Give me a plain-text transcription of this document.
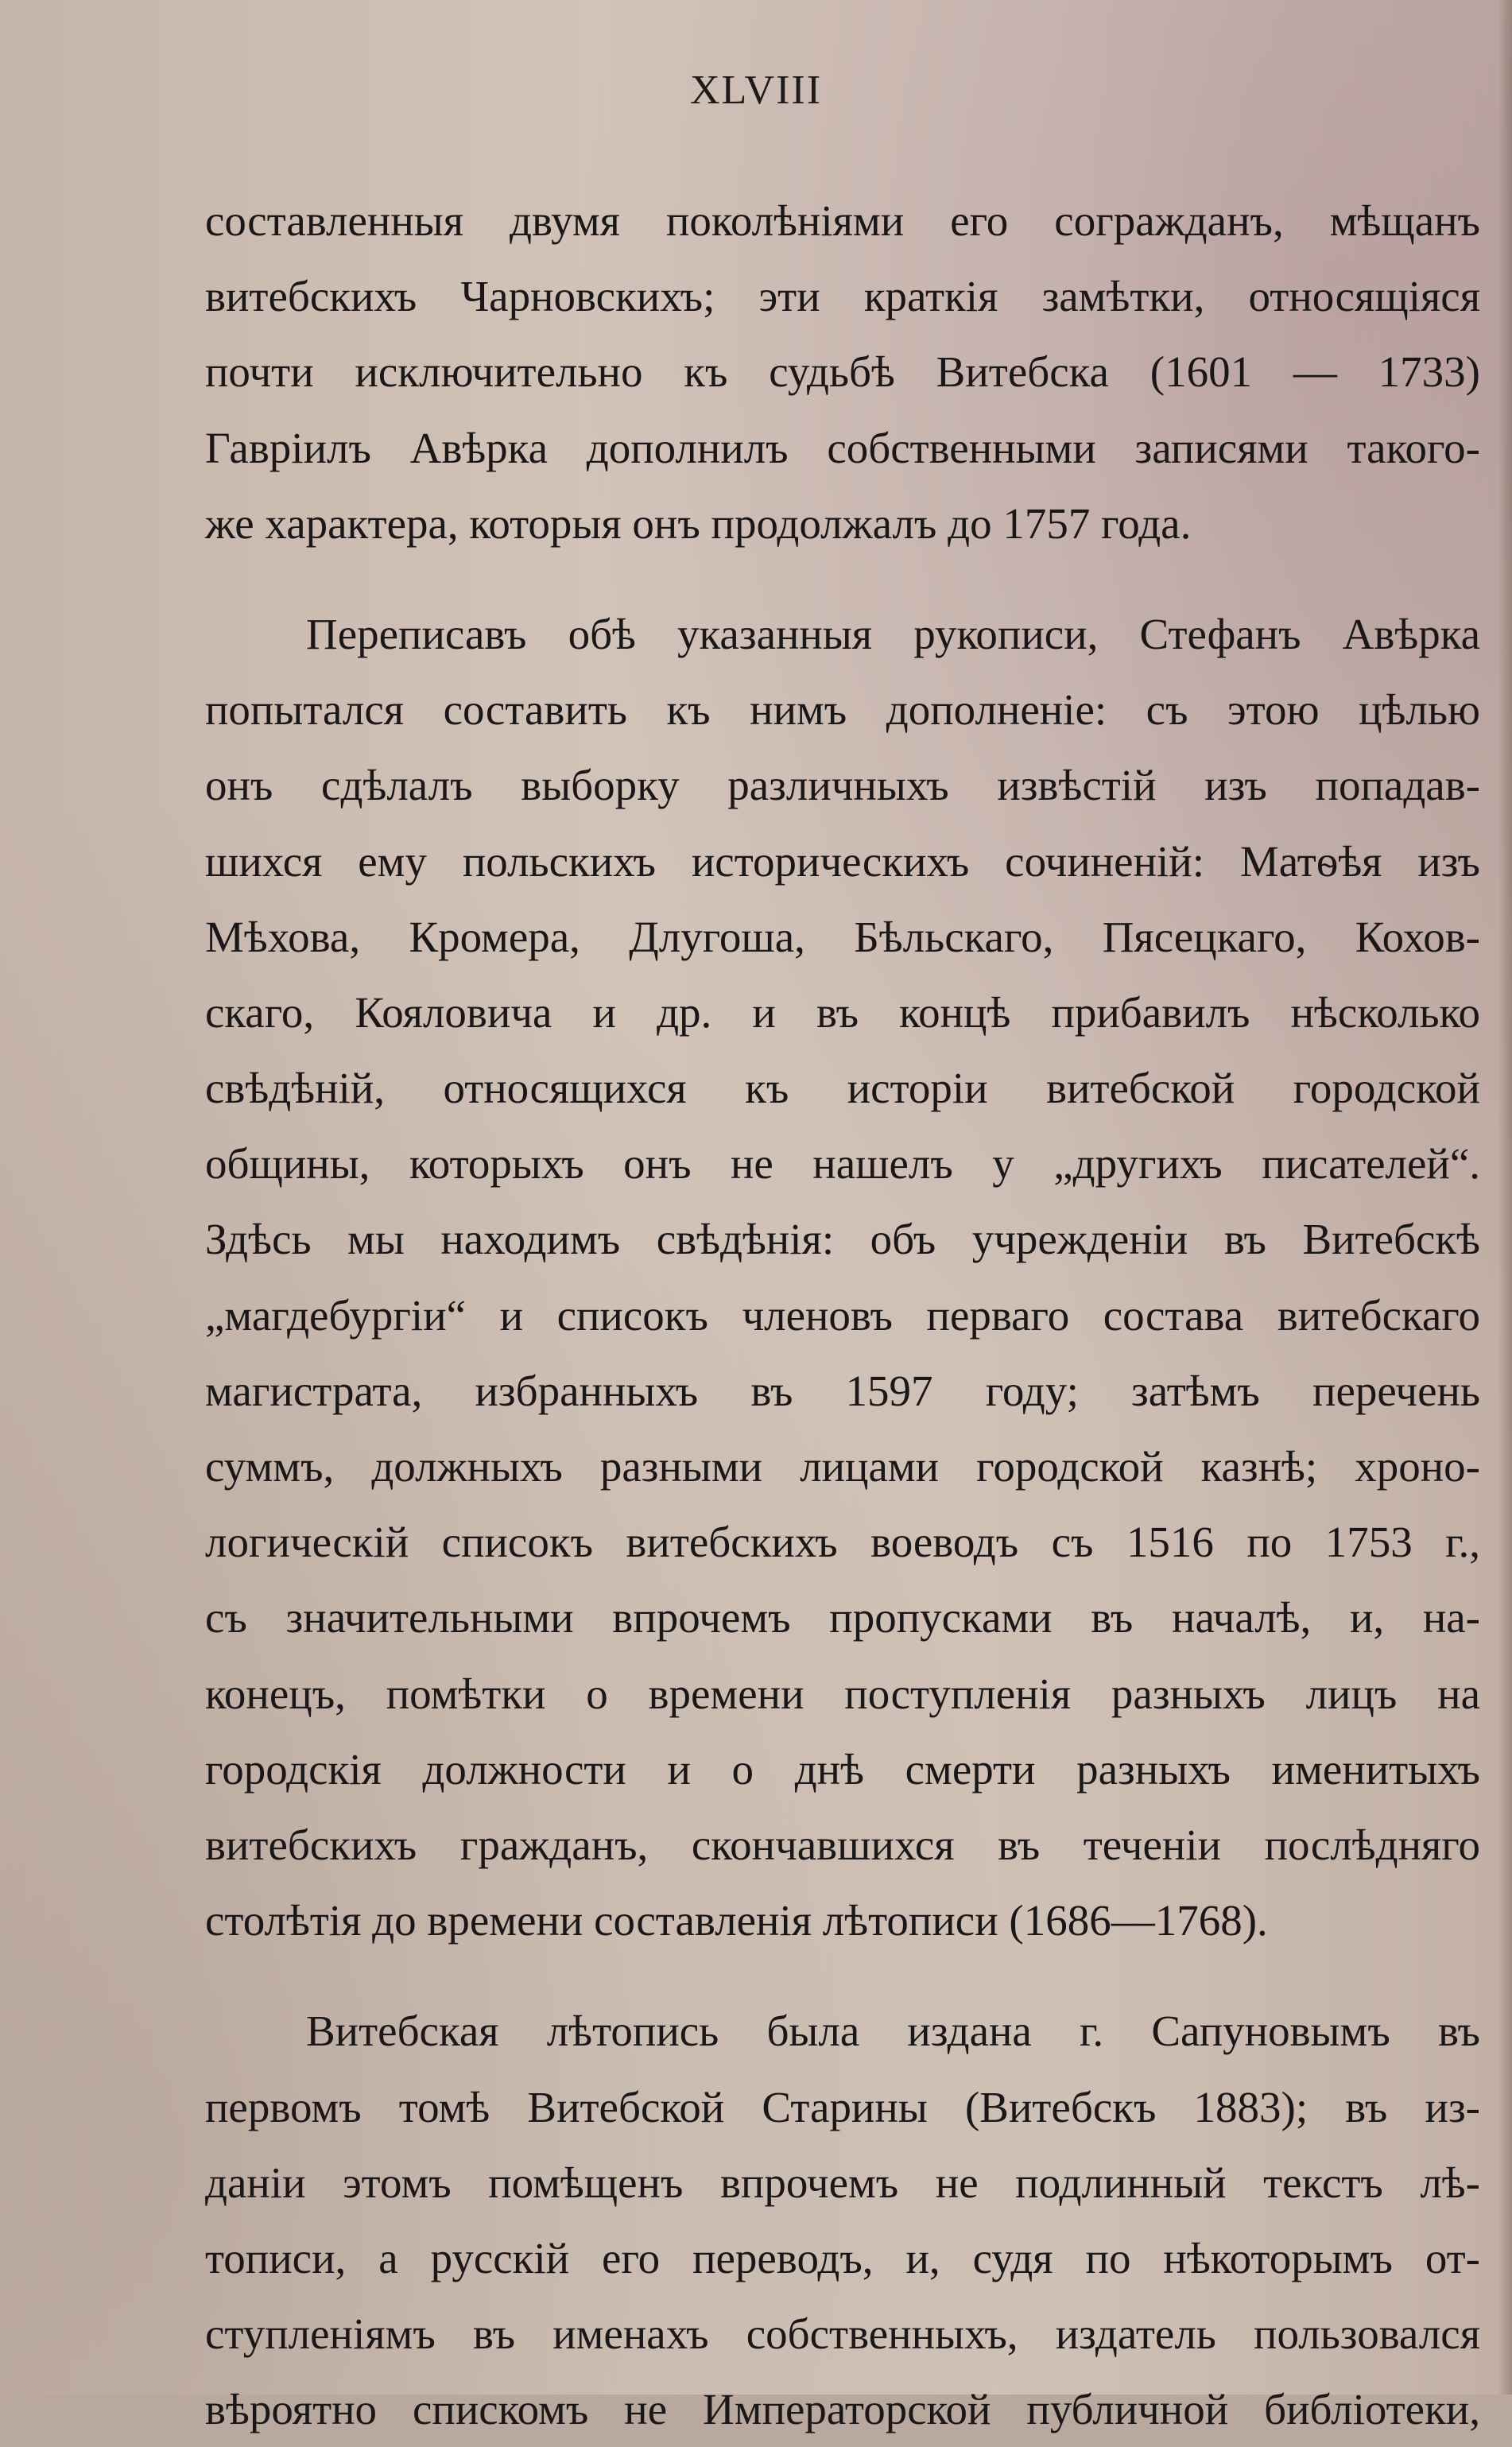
XLVIII
составленныя двумя поколѣніями его согражданъ, мѣщанъ
витебскихъ Чарновскихъ; эти краткія замѣтки, относящіяся
почти исключительно къ судьбѣ Витебска (1601 — 1733)
Гавріилъ Авѣрка дополнилъ собственными записями такого-
же характера, которыя онъ продолжалъ до 1757 года.
Переписавъ обѣ указанныя рукописи, Стефанъ Авѣрка
попытался составить къ нимъ дополненіе: съ этою цѣлью
онъ сдѣлалъ выборку различныхъ извѣстій изъ попадав-
шихся ему польскихъ историческихъ сочиненій: Матѳѣя изъ
Мѣхова, Кромера, Длугоша, Бѣльскаго, Пясецкаго, Кохов-
скаго, Кояловича и др. и въ концѣ прибавилъ нѣсколько
свѣдѣній, относящихся къ исторіи витебской городской
общины, которыхъ онъ не нашелъ у „другихъ писателей“.
Здѣсь мы находимъ свѣдѣнія: объ учрежденіи въ Витебскѣ
„магдебургіи“ и списокъ членовъ перваго состава витебскаго
магистрата, избранныхъ въ 1597 году; затѣмъ перечень
суммъ, должныхъ разными лицами городской казнѣ; хроно-
логическій списокъ витебскихъ воеводъ съ 1516 по 1753 г.,
съ значительными впрочемъ пропусками въ началѣ, и, на-
конецъ, помѣтки о времени поступленія разныхъ лицъ на
городскія должности и о днѣ смерти разныхъ именитыхъ
витебскихъ гражданъ, скончавшихся въ теченіи послѣдняго
столѣтія до времени составленія лѣтописи (1686—1768).
Витебская лѣтопись была издана г. Сапуновымъ въ
первомъ томѣ Витебской Старины (Витебскъ 1883); въ из-
даніи этомъ помѣщенъ впрочемъ не подлинный текстъ лѣ-
тописи, а русскій его переводъ, и, судя по нѣкоторымъ от-
ступленіямъ въ именахъ собственныхъ, издатель пользовался
вѣроятно спискомъ не Императорской публичной библіотеки,
